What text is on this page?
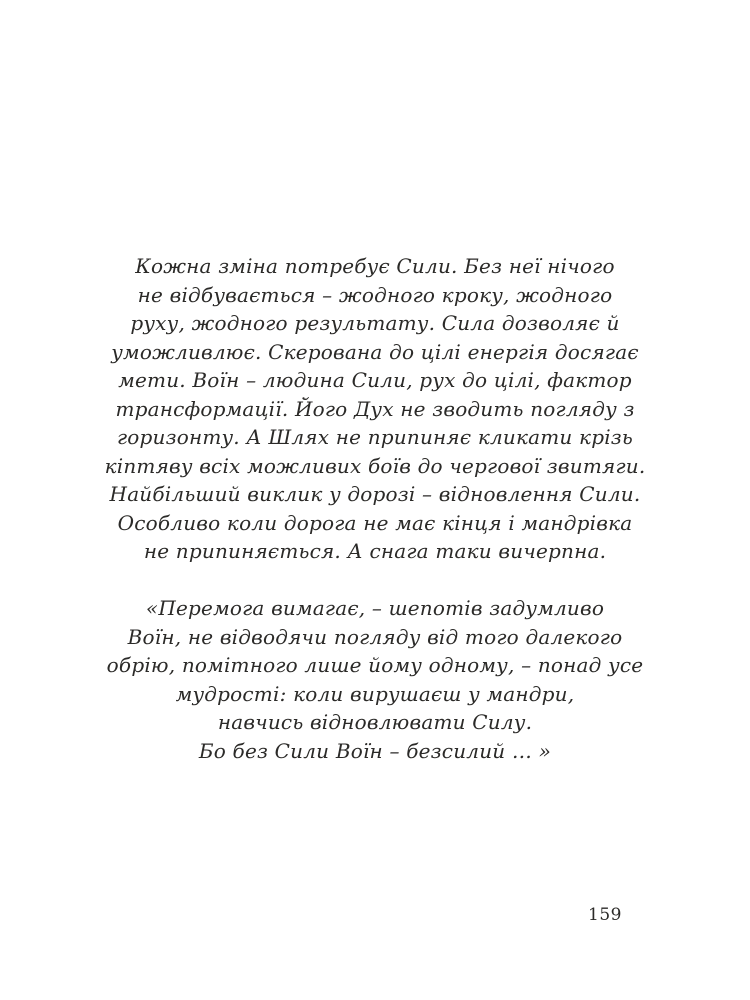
Кожна зміна потребує Сили. Без неї нічого
не відбувається – жодного кроку, жодного
руху, жодного результату. Сила дозволяє й
уможливлює. Скерована до цілі енергія досягає
мети. Воїн – людина Сили, рух до цілі, фактор
трансформації. Його Дух не зводить погляду з
горизонту. А Шлях не припиняє кликати крізь
кіптяву всіх можливих боїв до чергової звитяги.
Найбільший виклик у дорозі – відновлення Сили.
Особливо коли дорога не має кінця і мандрівка
не припиняється. А снага таки вичерпна.
«Перемога вимагає, – шепотів задумливо
Воїн, не відводячи погляду від того далекого
обрію, помітного лише йому одному, – понад усе
мудрості: коли вирушаєш у мандри,
навчись відновлювати Силу.
Бо без Сили Воїн – безсилий … »
159
